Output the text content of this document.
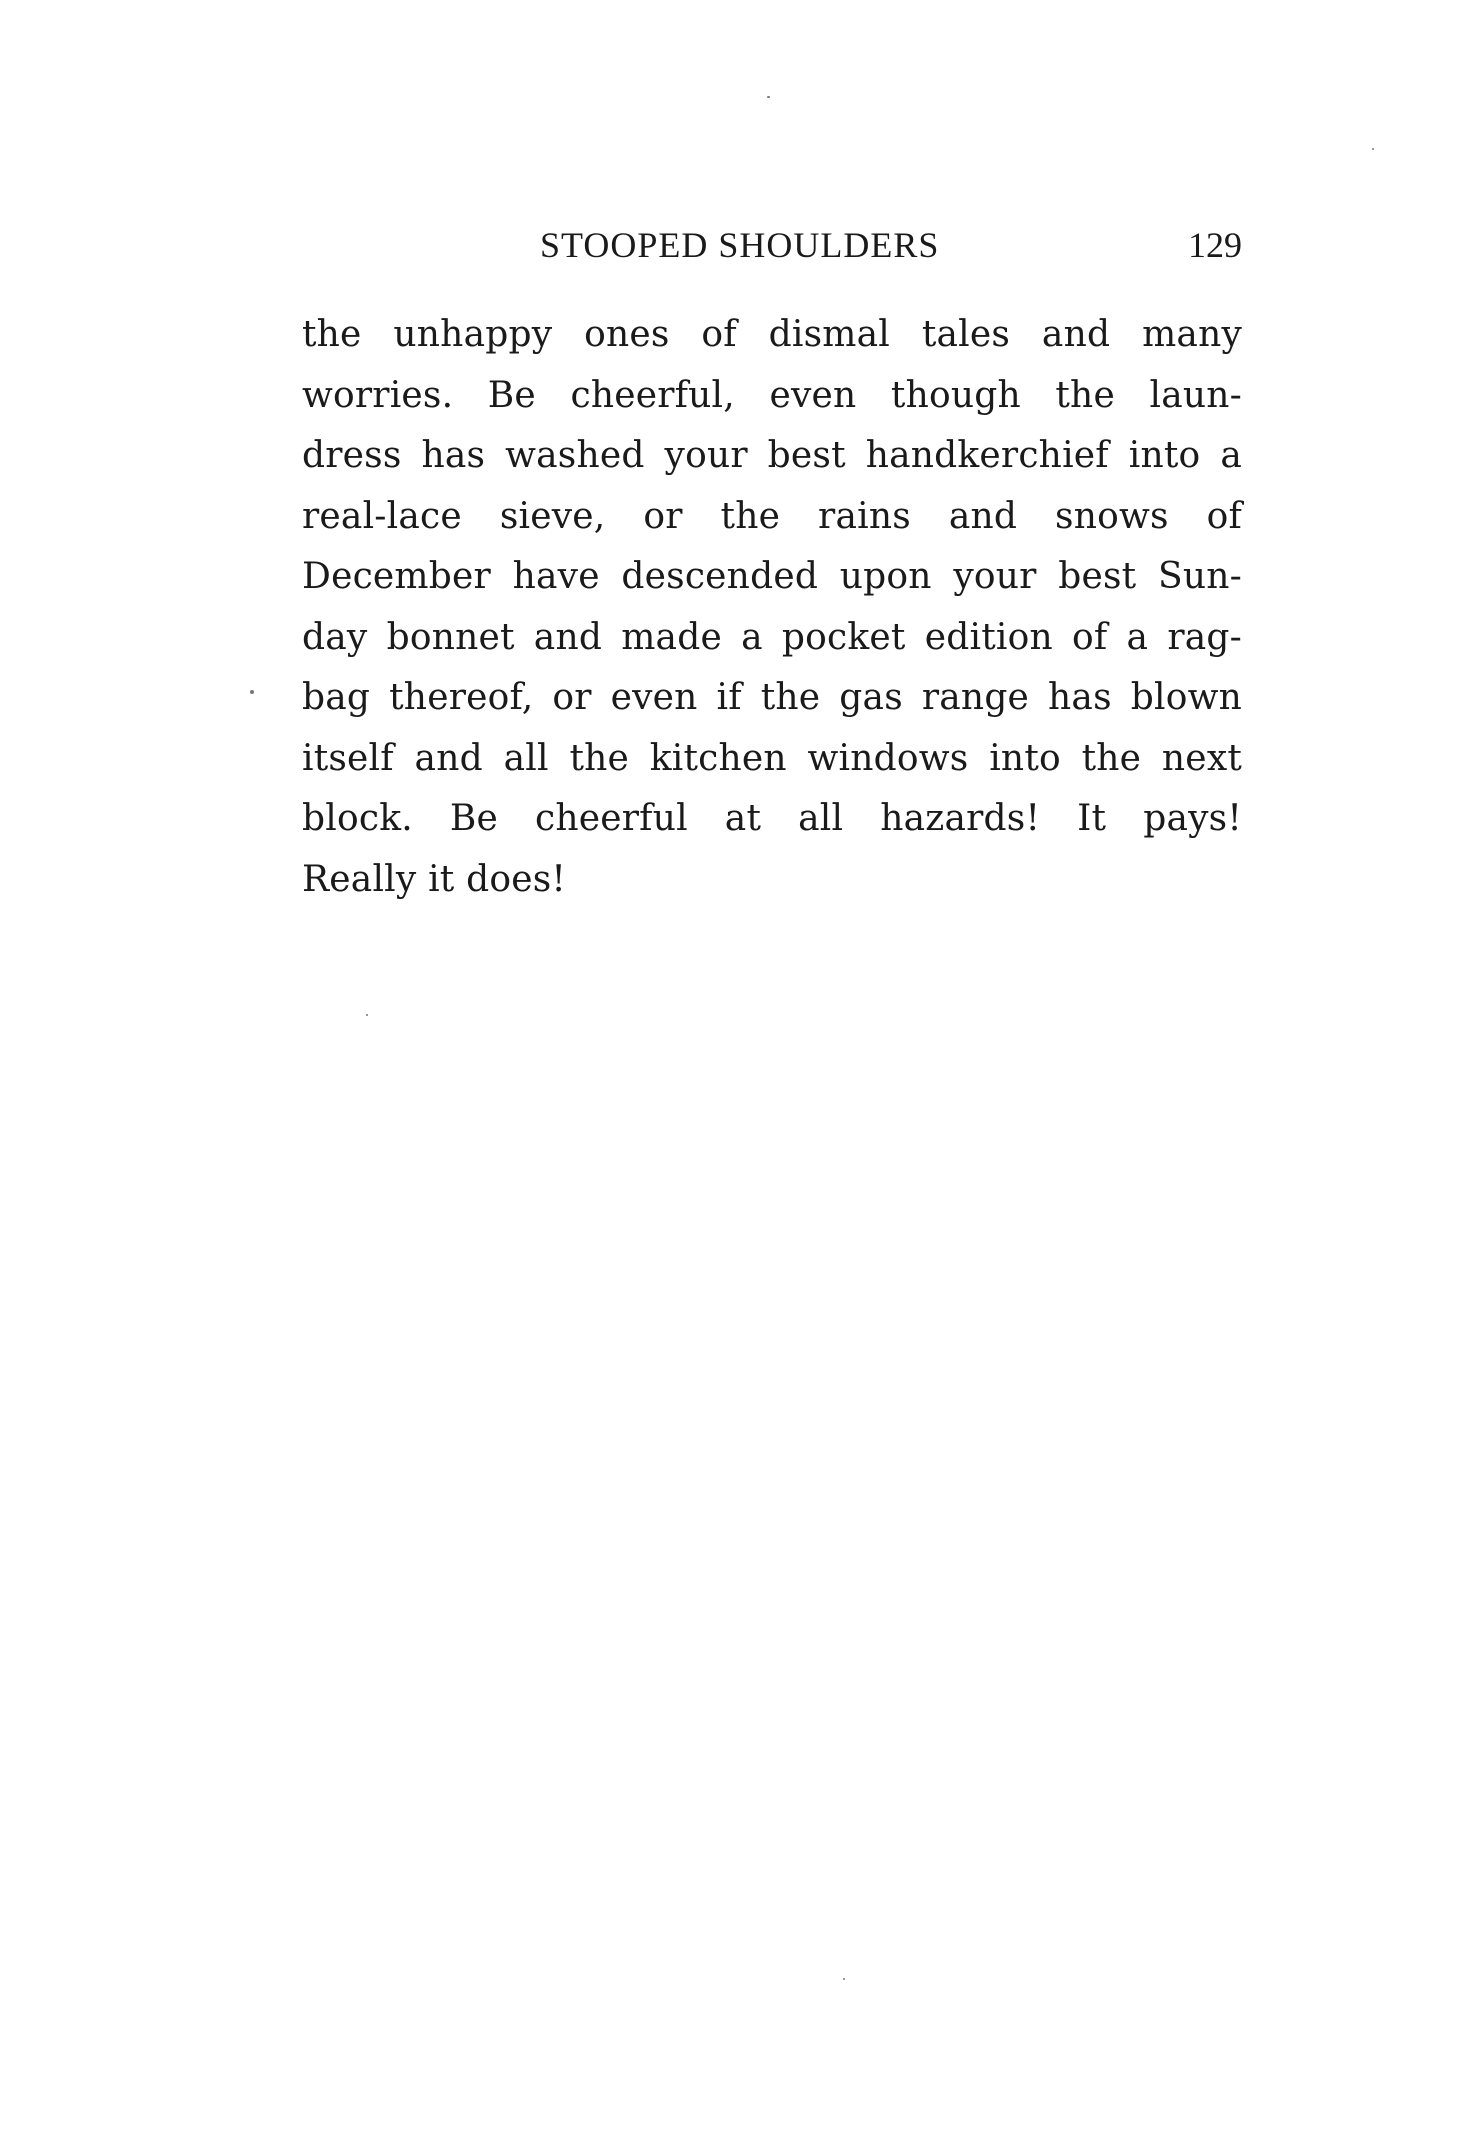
STOOPED SHOULDERS	129
the unhappy ones of dismal tales and many
worries. Be cheerful, even though the laun-
dress has washed your best handkerchief into a
real-lace sieve, or the rains and snows of
December have descended upon your best Sun-
day bonnet and made a pocket edition of a rag-
bag thereof, or even if the gas range has blown
itself and all the kitchen windows into the next
block. Be cheerful at all hazards! It pays!
Really it does!
